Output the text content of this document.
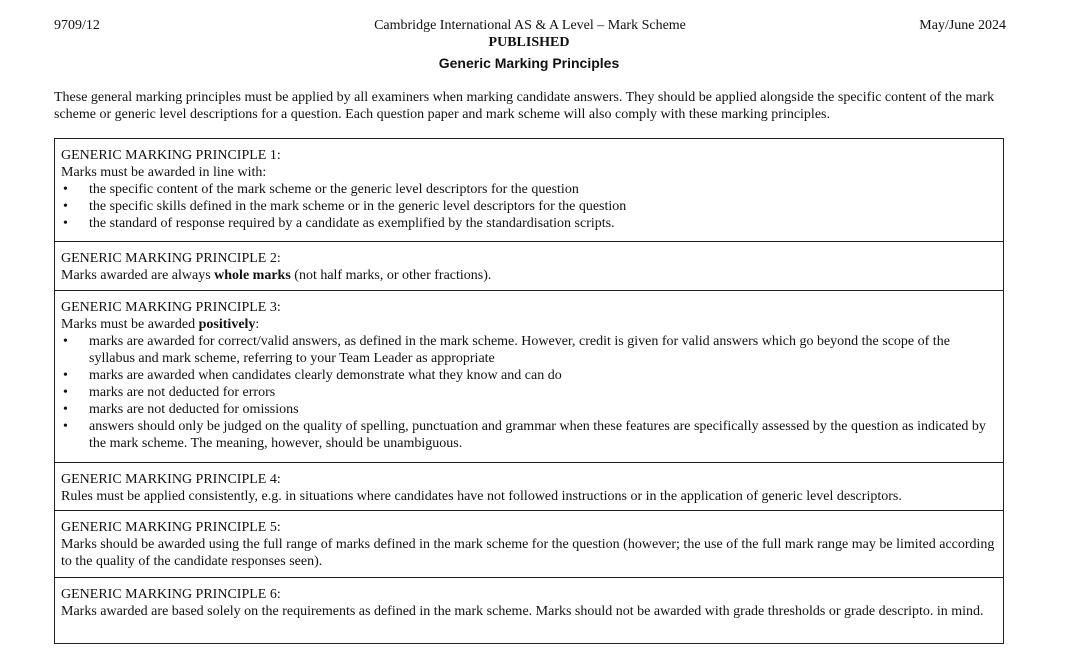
Cambridge International AS & A Level – Mark Scheme
9709/12	May/June 2024
PUBLISHED
Generic Marking Principles
These general marking principles must be applied by all examiners when marking candidate answers. They should be applied alongside the specific content of the mark scheme or generic level descriptions for a question. Each question paper and mark scheme will also comply with these marking principles.
GENERIC MARKING PRINCIPLE 1:
Marks must be awarded in line with:
• the specific content of the mark scheme or the generic level descriptors for the question
• the specific skills defined in the mark scheme or in the generic level descriptors for the question
• the standard of response required by a candidate as exemplified by the standardisation scripts.
GENERIC MARKING PRINCIPLE 2:
Marks awarded are always whole marks (not half marks, or other fractions).
GENERIC MARKING PRINCIPLE 3:
Marks must be awarded positively:
• marks are awarded for correct/valid answers, as defined in the mark scheme. However, credit is given for valid answers which go beyond the scope of the syllabus and mark scheme, referring to your Team Leader as appropriate
• marks are awarded when candidates clearly demonstrate what they know and can do
• marks are not deducted for errors
• marks are not deducted for omissions
• answers should only be judged on the quality of spelling, punctuation and grammar when these features are specifically assessed by the question as indicated by the mark scheme. The meaning, however, should be unambiguous.
GENERIC MARKING PRINCIPLE 4:
Rules must be applied consistently, e.g. in situations where candidates have not followed instructions or in the application of generic level descriptors.
GENERIC MARKING PRINCIPLE 5:
Marks should be awarded using the full range of marks defined in the mark scheme for the question (however; the use of the full mark range may be limited according to the quality of the candidate responses seen).
GENERIC MARKING PRINCIPLE 6:
Marks awarded are based solely on the requirements as defined in the mark scheme. Marks should not be awarded with grade thresholds or grade descripto. in mind.
